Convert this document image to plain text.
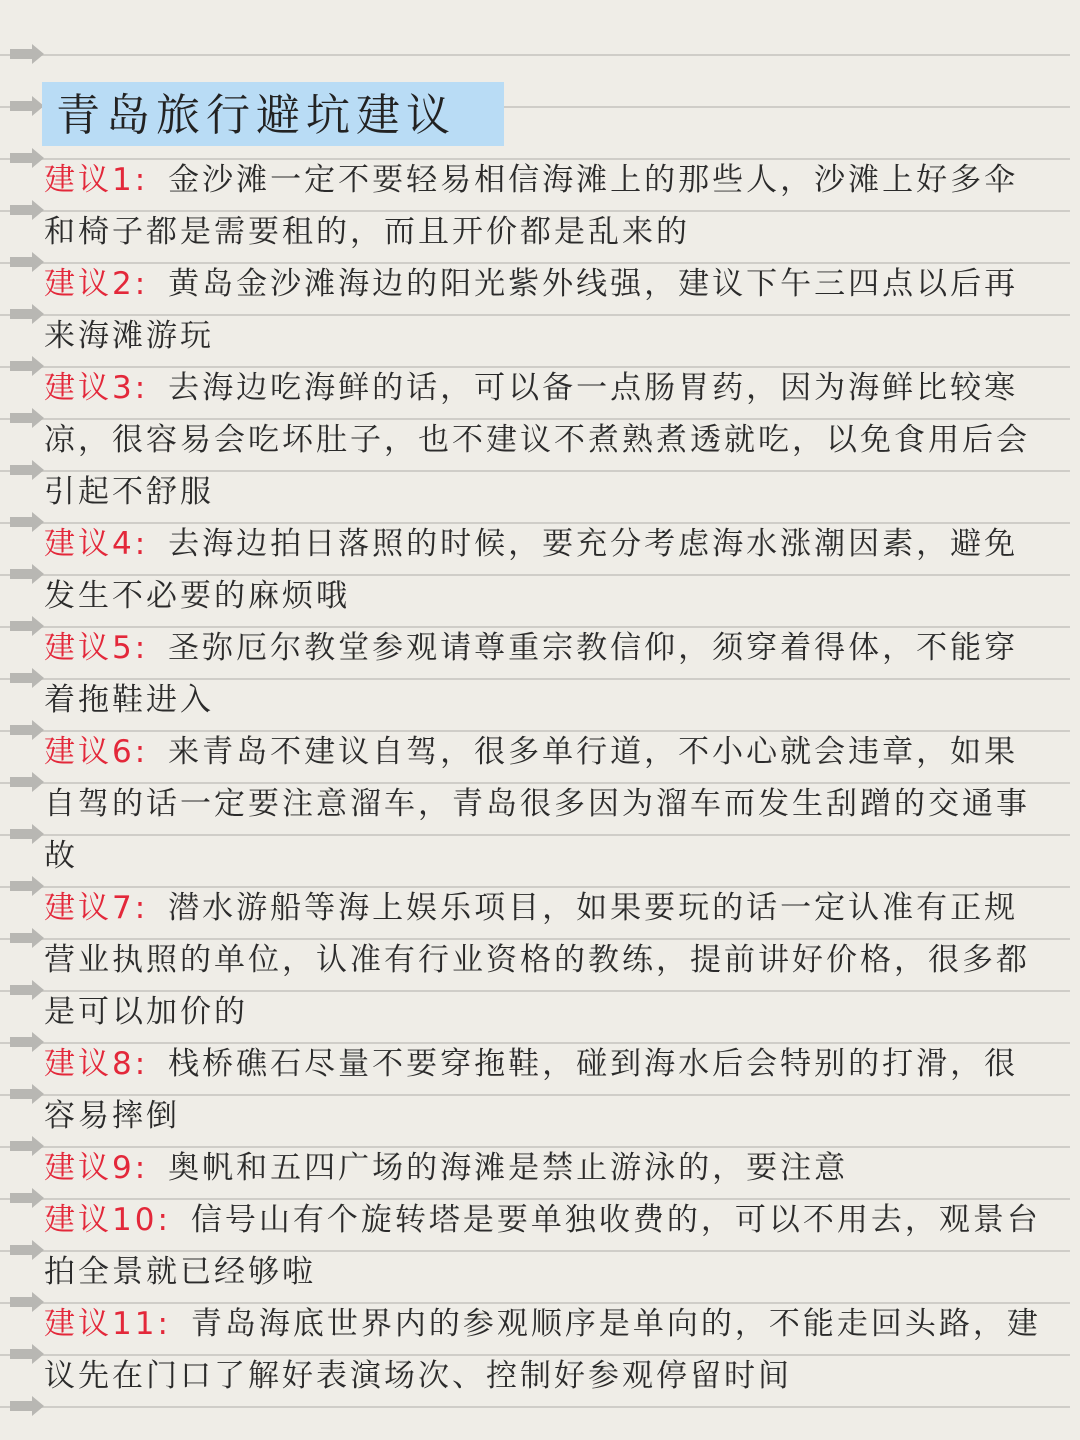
青岛旅行避坑建议

建议1: 金沙滩一定不要轻易相信海滩上的那些人，沙滩上好多伞和椅子都是需要租的，而且开价都是乱来的

建议2: 黄岛金沙滩海边的阳光紫外线强，建议下午三四点以后再来海滩游玩

建议3: 去海边吃海鲜的话，可以备一点肠胃药，因为海鲜比较寒凉，很容易会吃坏肚子，也不建议不煮熟煮透就吃，以免食用后会引起不舒服

建议4: 去海边拍日落照的时候，要充分考虑海水涨潮因素，避免发生不必要的麻烦哦

建议5: 圣弥厄尔教堂参观请尊重宗教信仰，须穿着得体，不能穿着拖鞋进入

建议6: 来青岛不建议自驾，很多单行道，不小心就会违章，如果自驾的话一定要注意溜车，青岛很多因为溜车而发生刮蹭的交通事故

建议7: 潜水游船等海上娱乐项目，如果要玩的话一定认准有正规营业执照的单位，认准有行业资格的教练，提前讲好价格，很多都是可以加价的

建议8: 栈桥礁石尽量不要穿拖鞋，碰到海水后会特别的打滑，很容易摔倒

建议9: 奥帆和五四广场的海滩是禁止游泳的，要注意

建议10: 信号山有个旋转塔是要单独收费的，可以不用去，观景台拍全景就已经够啦

建议11: 青岛海底世界内的参观顺序是单向的，不能走回头路，建议先在门口了解好表演场次、控制好参观停留时间
